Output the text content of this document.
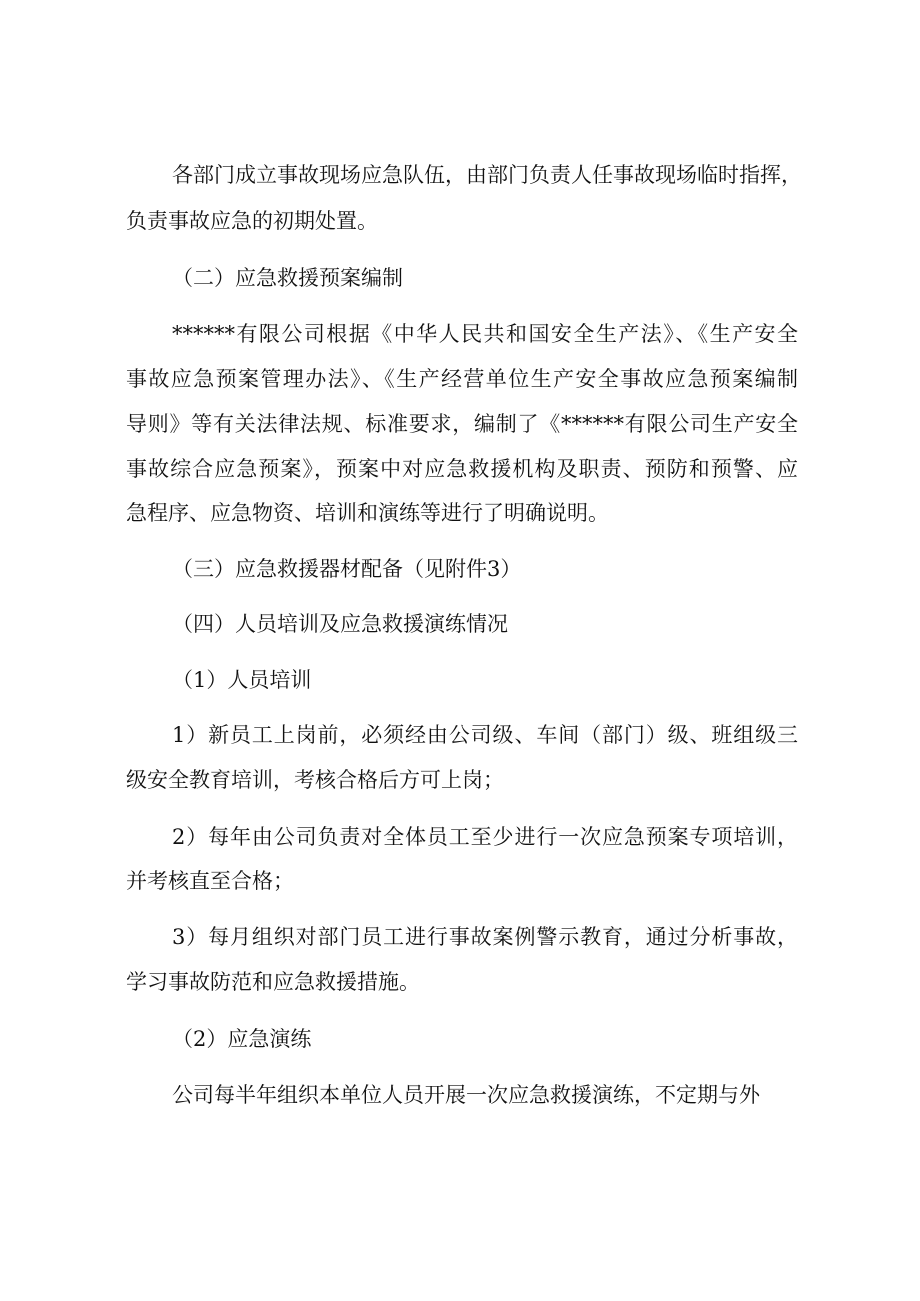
各部门成立事故现场应急队伍，由部门负责人任事故现场临时指挥，
负责事故应急的初期处置。
（二）应急救援预案编制
******有限公司根据《中华人民共和国安全生产法》、《生产安全
事故应急预案管理办法》、《生产经营单位生产安全事故应急预案编制
导则》等有关法律法规、标准要求，编制了《******有限公司生产安全
事故综合应急预案》，预案中对应急救援机构及职责、预防和预警、应
急程序、应急物资、培训和演练等进行了明确说明。
（三）应急救援器材配备（见附件3）
（四）人员培训及应急救援演练情况
（1）人员培训
1）新员工上岗前，必须经由公司级、车间（部门）级、班组级三
级安全教育培训，考核合格后方可上岗；
2）每年由公司负责对全体员工至少进行一次应急预案专项培训，
并考核直至合格；
3）每月组织对部门员工进行事故案例警示教育，通过分析事故，
学习事故防范和应急救援措施。
（2）应急演练
公司每半年组织本单位人员开展一次应急救援演练，不定期与外
